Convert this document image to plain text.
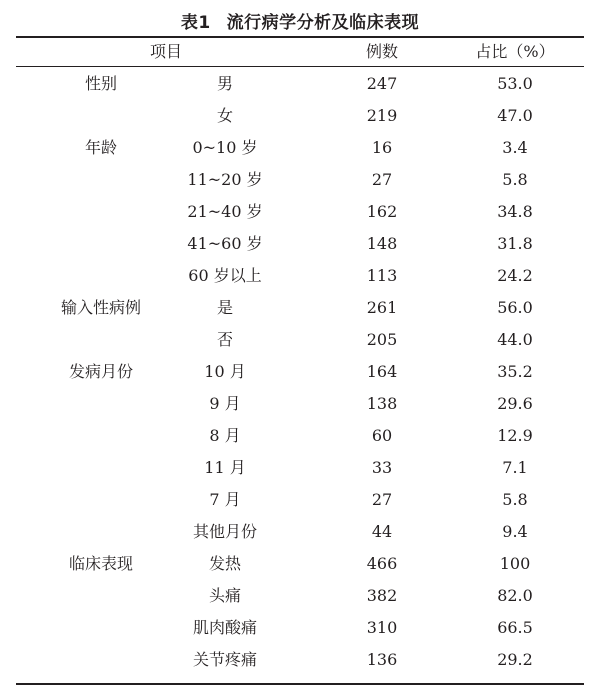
表1 流行病学分析及临床表现
项目	例数	占比（%）
性别	男	247	53.0
女	219	47.0
年龄	0~10 岁	16	3.4
11~20 岁	27	5.8
21~40 岁	162	34.8
41~60 岁	148	31.8
60 岁以上	113	24.2
输入性病例	是	261	56.0
否	205	44.0
发病月份	10 月	164	35.2
9 月	138	29.6
8 月	60	12.9
11 月	33	7.1
7 月	27	5.8
其他月份	44	9.4
临床表现	发热	466	100
头痛	382	82.0
肌肉酸痛	310	66.5
关节疼痛	136	29.2
